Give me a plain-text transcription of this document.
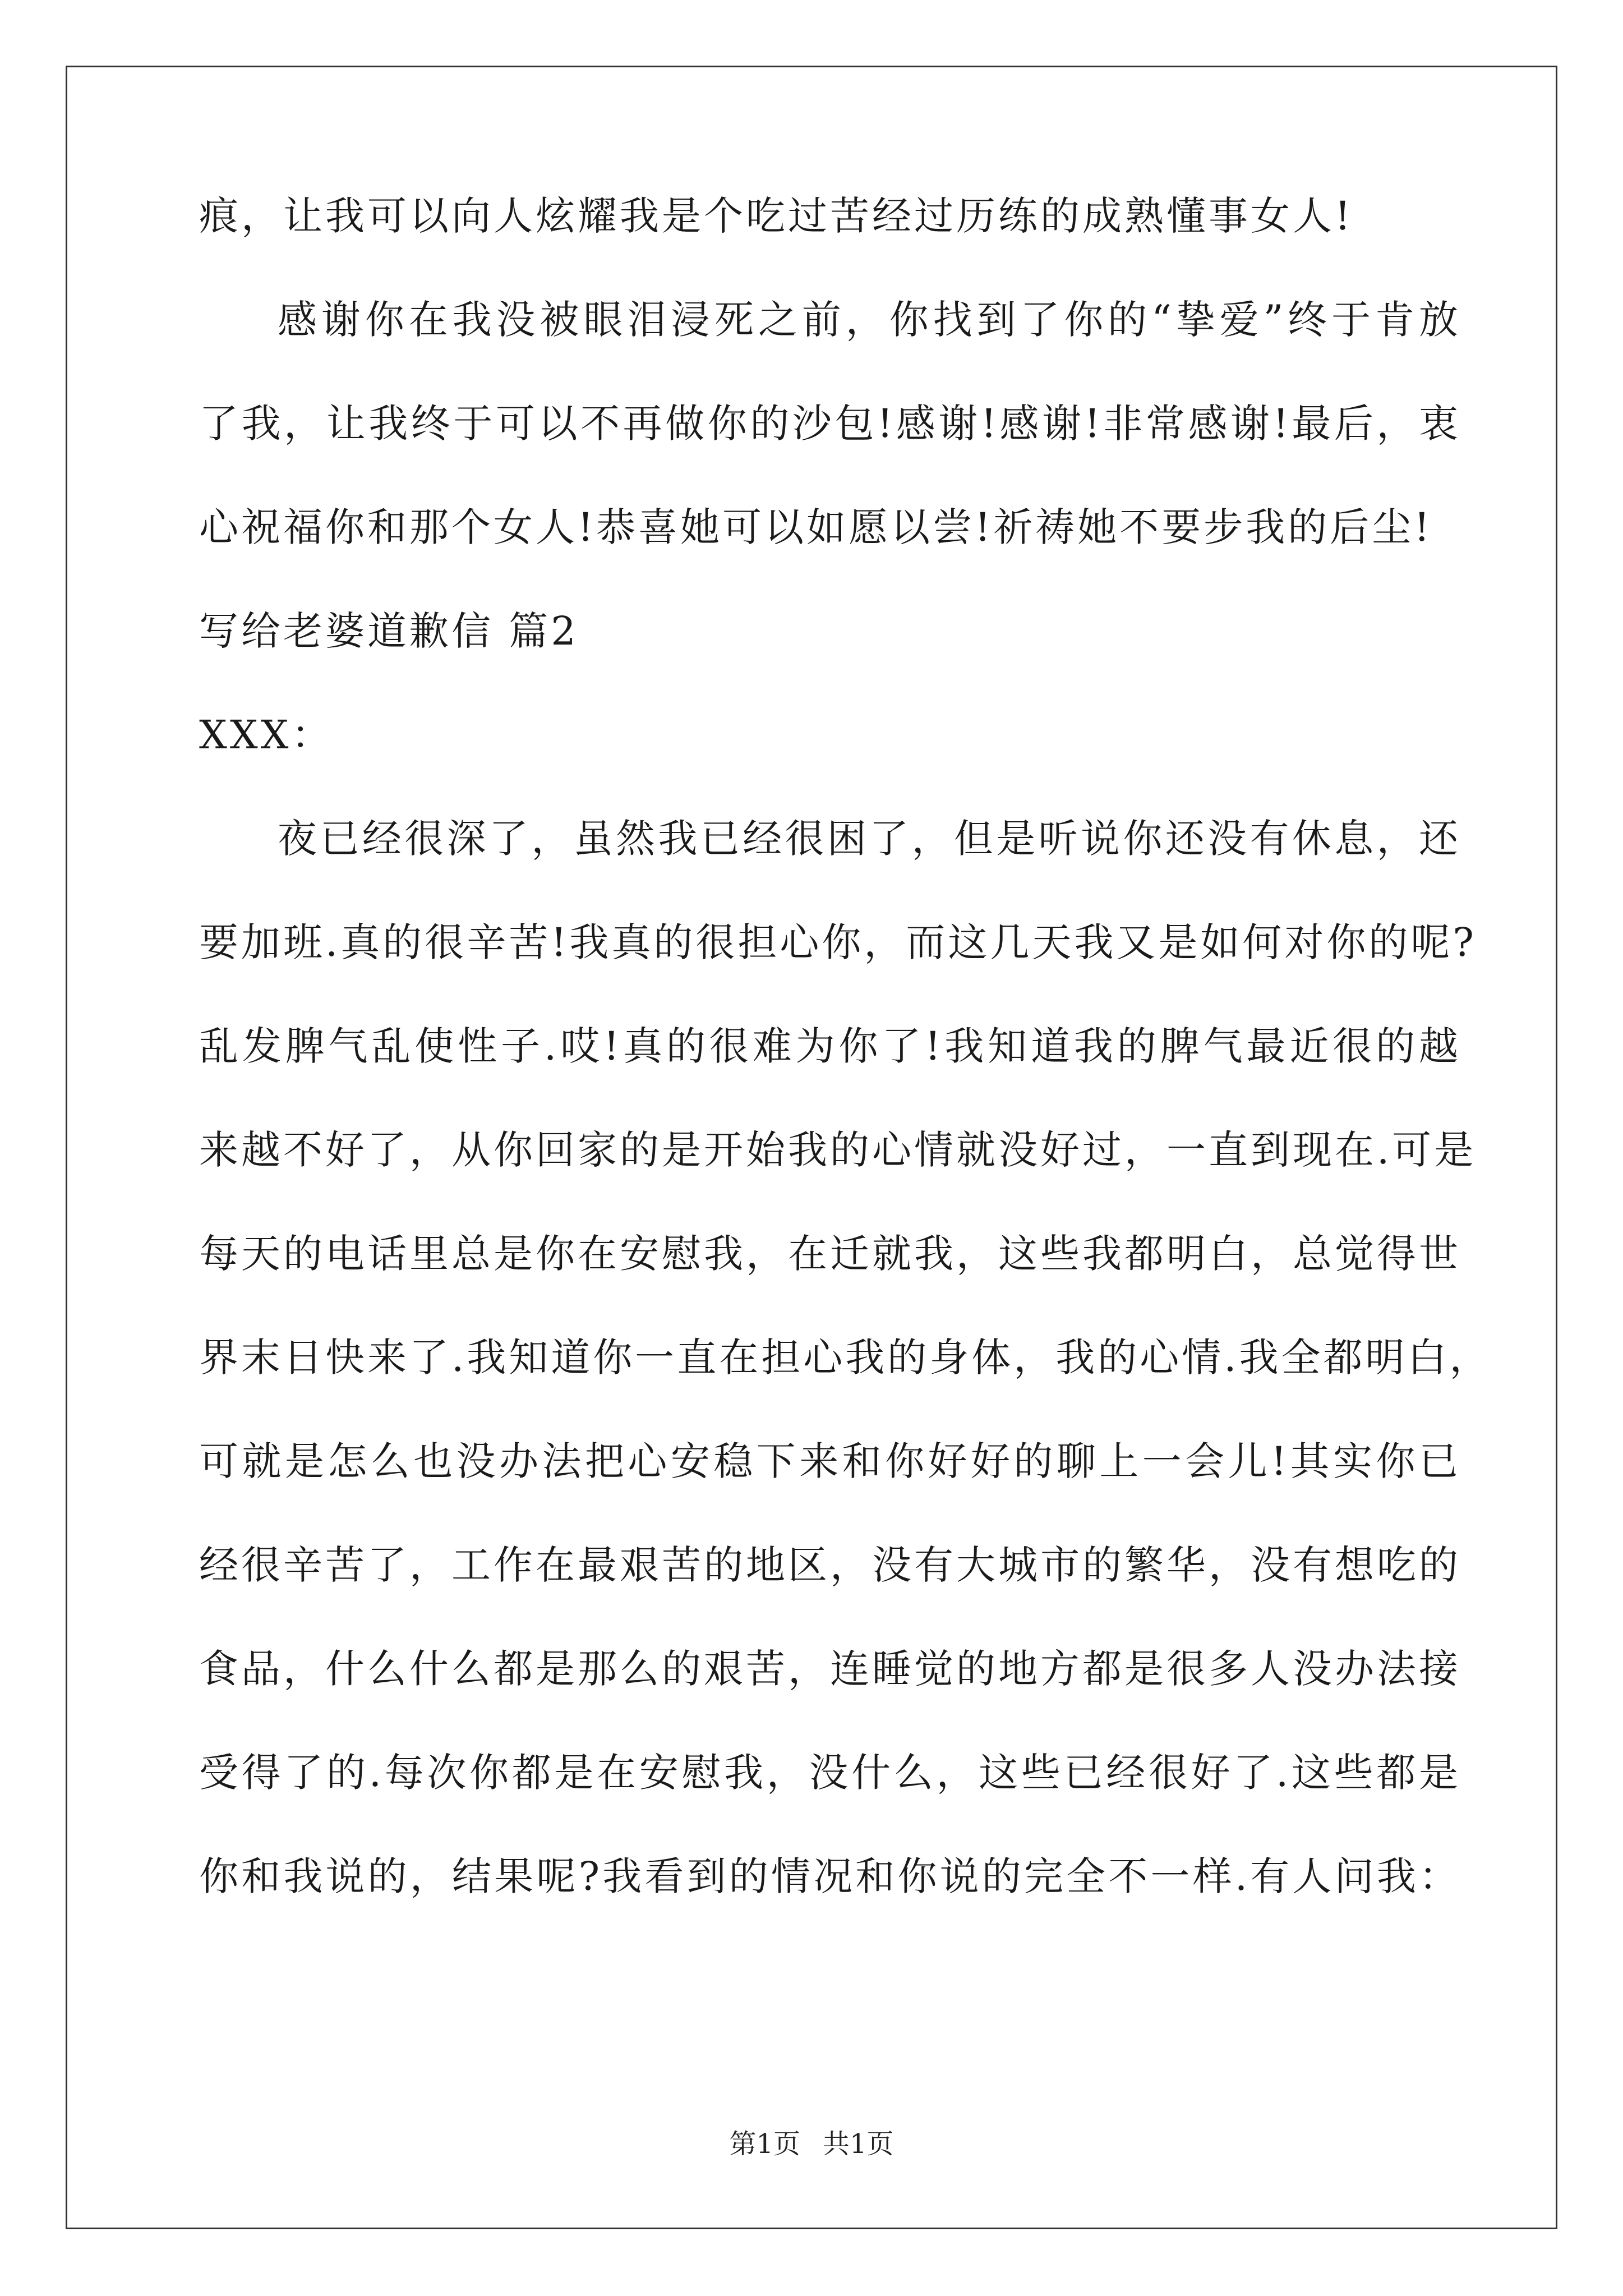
痕，让我可以向人炫耀我是个吃过苦经过历练的成熟懂事女人!
感谢你在我没被眼泪浸死之前，你找到了你的“挚爱”终于肯放
了我，让我终于可以不再做你的沙包!感谢!感谢!非常感谢!最后，衷
心祝福你和那个女人!恭喜她可以如愿以尝!祈祷她不要步我的后尘!
写给老婆道歉信 篇2
XXX：
夜已经很深了，虽然我已经很困了，但是听说你还没有休息，还
要加班.真的很辛苦!我真的很担心你，而这几天我又是如何对你的呢?
乱发脾气乱使性子.哎!真的很难为你了!我知道我的脾气最近很的越
来越不好了，从你回家的是开始我的心情就没好过，一直到现在.可是
每天的电话里总是你在安慰我，在迁就我，这些我都明白，总觉得世
界末日快来了.我知道你一直在担心我的身体，我的心情.我全都明白，
可就是怎么也没办法把心安稳下来和你好好的聊上一会儿!其实你已
经很辛苦了，工作在最艰苦的地区，没有大城市的繁华，没有想吃的
食品，什么什么都是那么的艰苦，连睡觉的地方都是很多人没办法接
受得了的.每次你都是在安慰我，没什么，这些已经很好了.这些都是
你和我说的，结果呢?我看到的情况和你说的完全不一样.有人问我：
第1页 共1页
